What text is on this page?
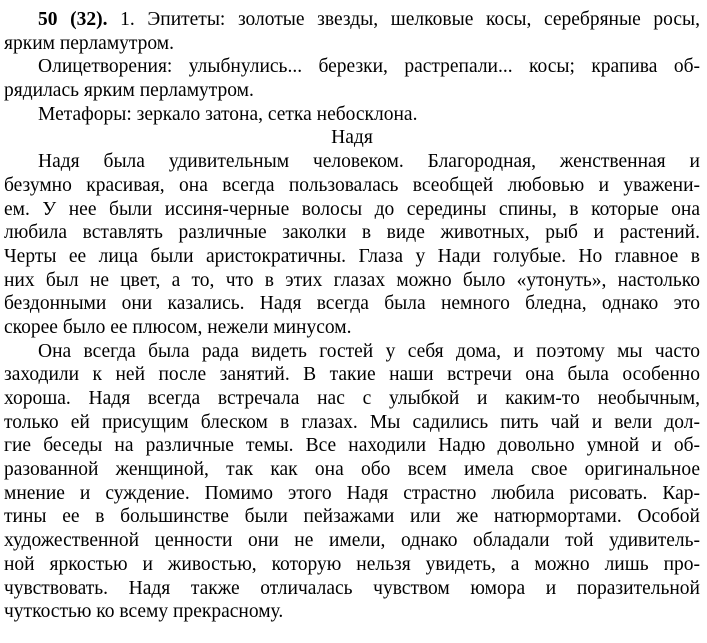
50 (32). 1. Эпитеты: золотые звезды, шелковые косы, серебряные росы,
ярким перламутром.
Олицетворения: улыбнулись... березки, растрепали... косы; крапива об-
рядилась ярким перламутром.
Метафоры: зеркало затона, сетка небосклона.
Надя
Надя была удивительным человеком. Благородная, женственная и
безумно красивая, она всегда пользовалась всеобщей любовью и уважени-
ем. У нее были иссиня-черные волосы до середины спины, в которые она
любила вставлять различные заколки в виде животных, рыб и растений.
Черты ее лица были аристократичны. Глаза у Нади голубые. Но главное в
них был не цвет, а то, что в этих глазах можно было «утонуть», настолько
бездонными они казались. Надя всегда была немного бледна, однако это
скорее было ее плюсом, нежели минусом.
Она всегда была рада видеть гостей у себя дома, и поэтому мы часто
заходили к ней после занятий. В такие наши встречи она была особенно
хороша. Надя всегда встречала нас с улыбкой и каким-то необычным,
только ей присущим блеском в глазах. Мы садились пить чай и вели дол-
гие беседы на различные темы. Все находили Надю довольно умной и об-
разованной женщиной, так как она обо всем имела свое оригинальное
мнение и суждение. Помимо этого Надя страстно любила рисовать. Кар-
тины ее в большинстве были пейзажами или же натюрмортами. Особой
художественной ценности они не имели, однако обладали той удивитель-
ной яркостью и живостью, которую нельзя увидеть, а можно лишь про-
чувствовать. Надя также отличалась чувством юмора и поразительной
чуткостью ко всему прекрасному.
